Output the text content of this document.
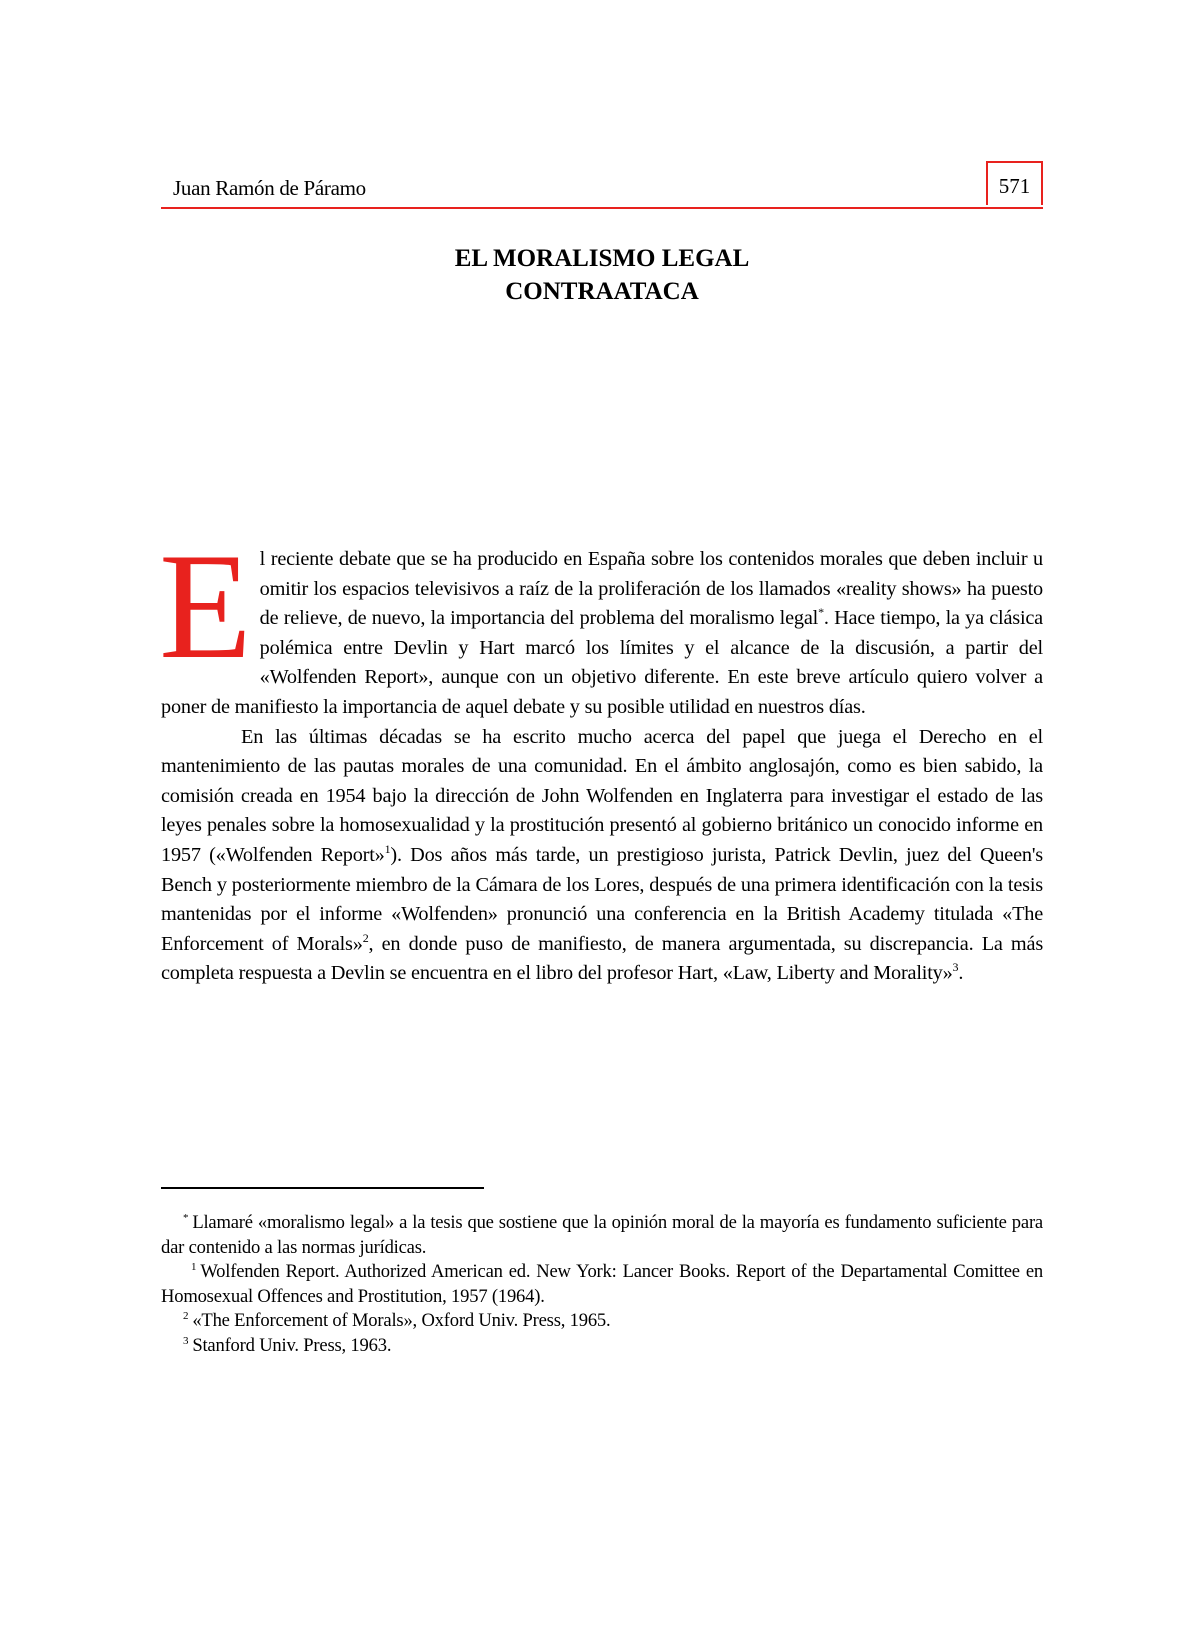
Juan Ramón de Páramo	571
EL MORALISMO LEGAL
CONTRAATACA

El reciente debate que se ha producido en España sobre los contenidos morales que deben incluir u omitir los espacios televisivos a raíz de la proliferación de los llamados «reality shows» ha puesto de relieve, de nuevo, la importancia del problema del moralismo legal*. Hace tiempo, la ya clásica polémica entre Devlin y Hart marcó los límites y el alcance de la discusión, a partir del «Wolfenden Report», aunque con un objetivo diferente. En este breve artículo quiero volver a poner de manifiesto la importancia de aquel debate y su posible utilidad en nuestros días.

En las últimas décadas se ha escrito mucho acerca del papel que juega el Derecho en el mantenimiento de las pautas morales de una comunidad. En el ámbito anglosajón, como es bien sabido, la comisión creada en 1954 bajo la dirección de John Wolfenden en Inglaterra para investigar el estado de las leyes penales sobre la homosexualidad y la prostitución presentó al gobierno británico un conocido informe en 1957 («Wolfenden Report»$^1$). Dos años más tarde, un prestigioso jurista, Patrick Devlin, juez del Queen's Bench y posteriormente miembro de la Cámara de los Lores, después de una primera identificación con la tesis mantenidas por el informe «Wolfenden» pronunció una conferencia en la British Academy titulada «The Enforcement of Morals»$^2$, en donde puso de manifiesto, de manera argumentada, su discrepancia. La más completa respuesta a Devlin se encuentra en el libro del profesor Hart, «Law, Liberty and Morality»$^3$.

* Llamaré «moralismo legal» a la tesis que sostiene que la opinión moral de la mayoría es fundamento suficiente para dar contenido a las normas jurídicas.

$^1$ Wolfenden Report. Authorized American ed. New York: Lancer Books. Report of the Departamental Comittee en Homosexual Offences and Prostitution, 1957 (1964).

$^2$ «The Enforcement of Morals», Oxford Univ. Press, 1965.

$^3$ Stanford Univ. Press, 1963.
